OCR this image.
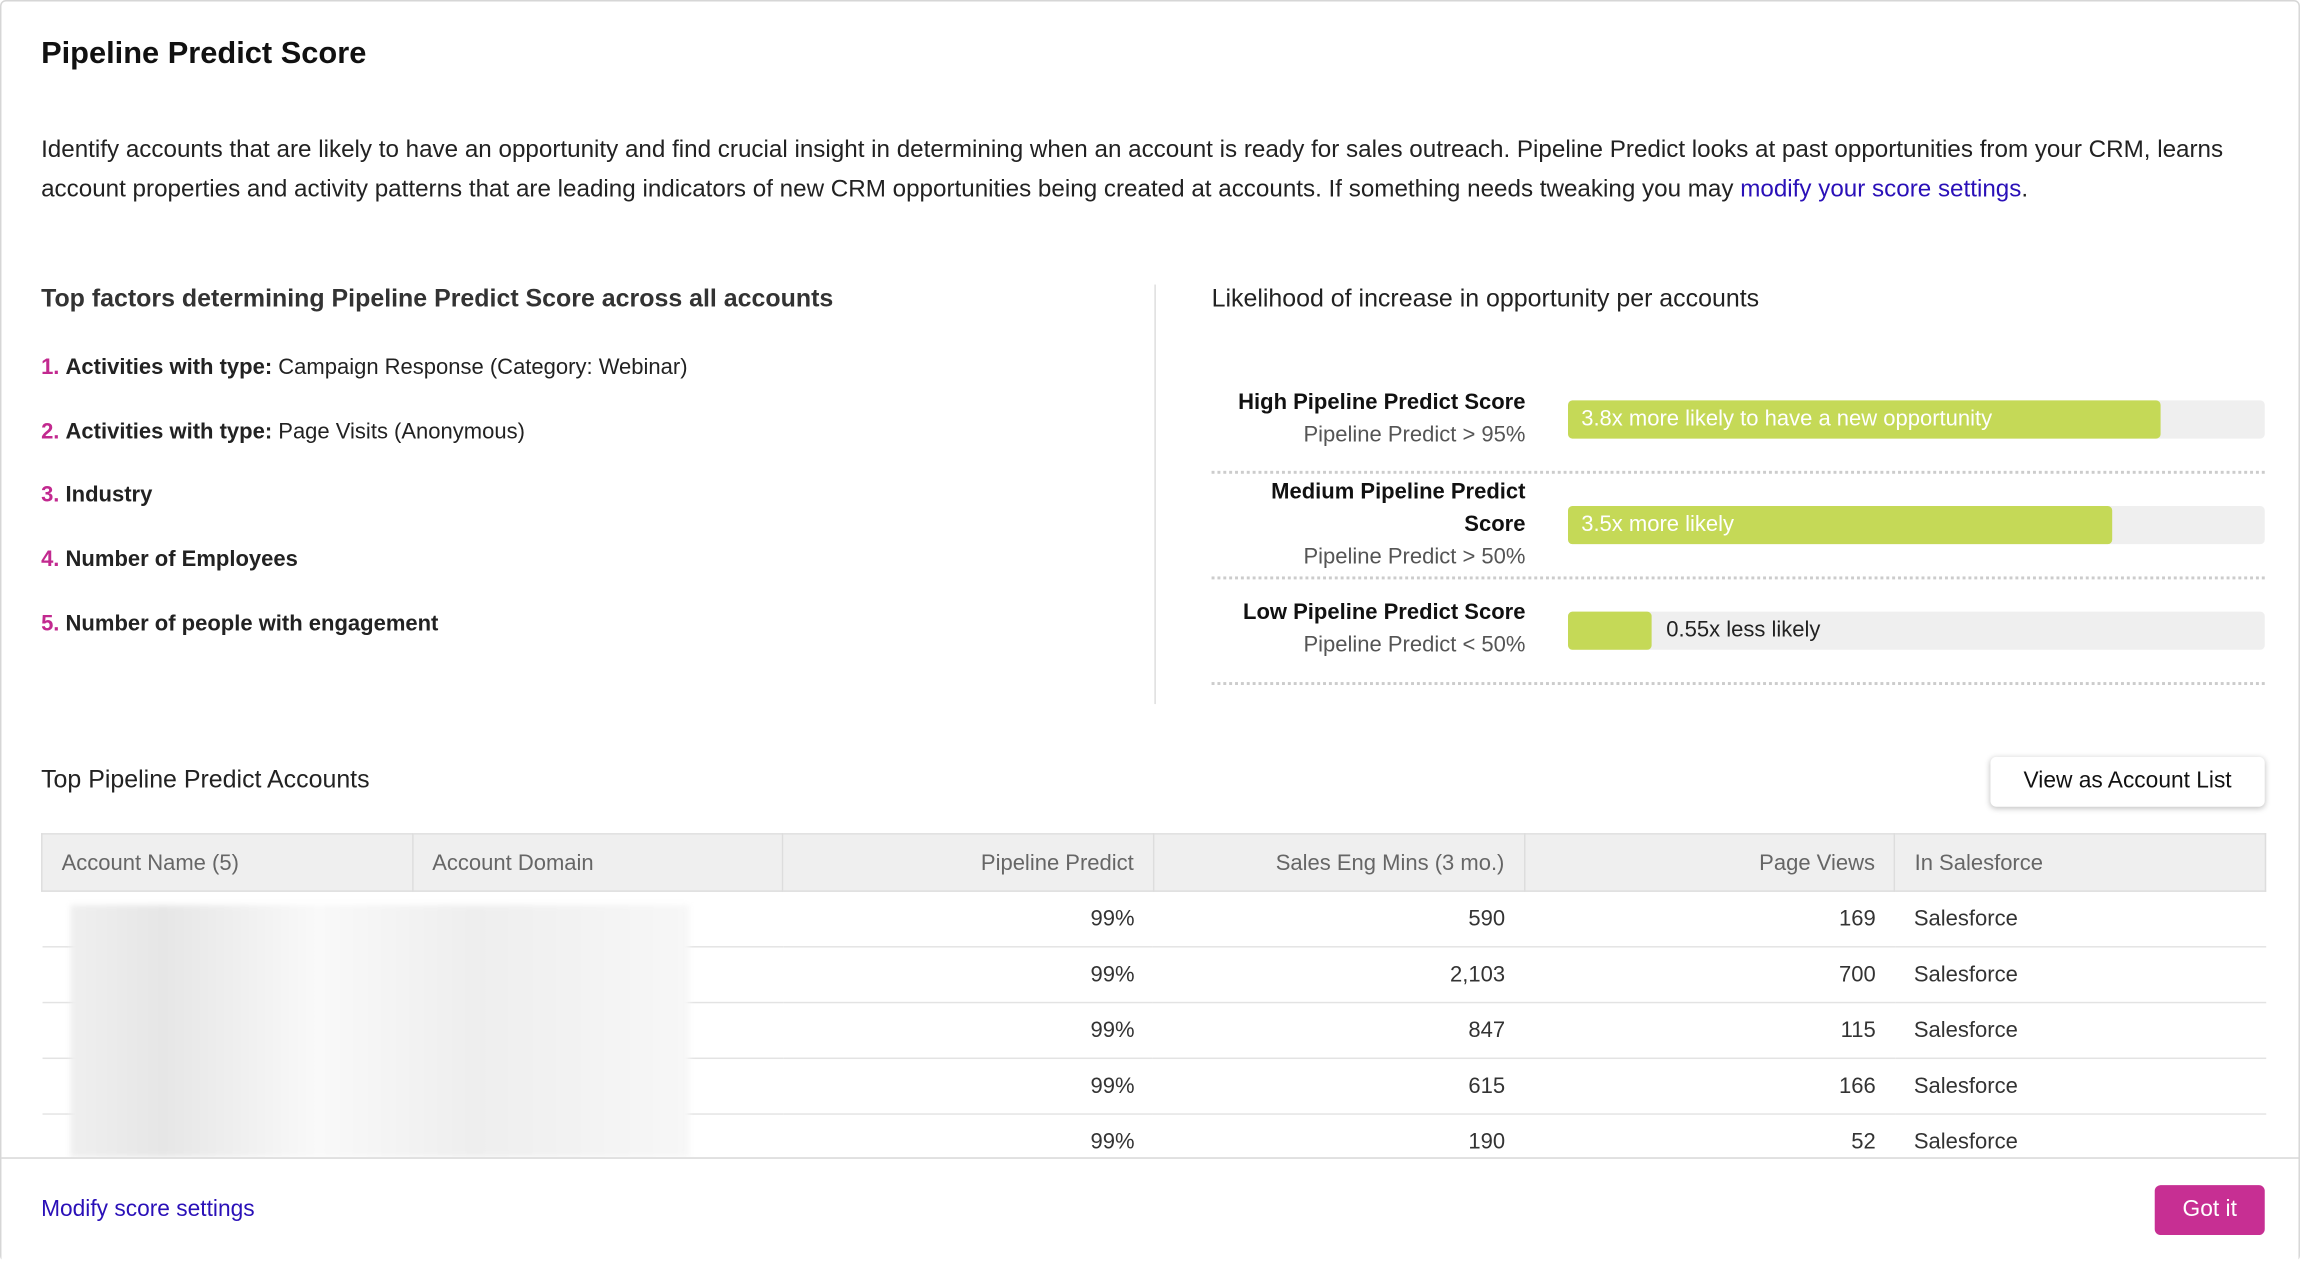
Pipeline Predict Score
Identify accounts that are likely to have an opportunity and find crucial insight in determining when an account is ready for sales outreach. Pipeline Predict looks at past opportunities from your CRM, learns account properties and activity patterns that are leading indicators of new CRM opportunities being created at accounts. If something needs tweaking you may modify your score settings.
Top factors determining Pipeline Predict Score across all accounts
1. Activities with type: Campaign Response (Category: Webinar)
2. Activities with type: Page Visits (Anonymous)
3. Industry
4. Number of Employees
5. Number of people with engagement
Likelihood of increase in opportunity per accounts
High Pipeline Predict Score
Pipeline Predict > 95%
3.8x more likely to have a new opportunity
Medium Pipeline Predict Score
Pipeline Predict > 50%
3.5x more likely
Low Pipeline Predict Score
Pipeline Predict < 50%
0.55x less likely
Top Pipeline Predict Accounts	View as Account List
Account Name (5)	Account Domain	Pipeline Predict	Sales Eng Mins (3 mo.)	Page Views	In Salesforce
		99%	590	169	Salesforce
		99%	2,103	700	Salesforce
		99%	847	115	Salesforce
		99%	615	166	Salesforce
		99%	190	52	Salesforce
Modify score settings	Got it
